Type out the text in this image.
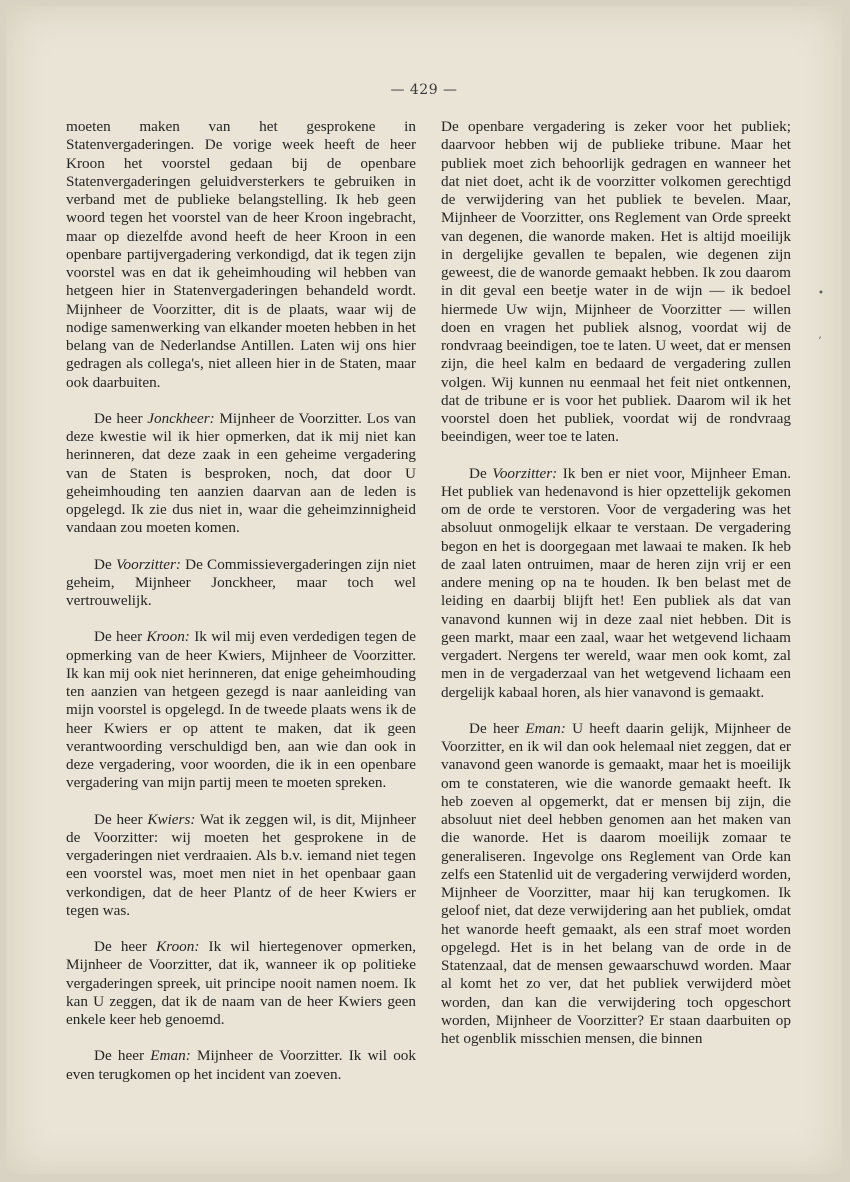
— 429 —

moeten maken van het gesprokene in Statenvergaderingen. De vorige week heeft de heer Kroon het voorstel gedaan bij de openbare Statenvergaderingen geluidversterkers te gebruiken in verband met de publieke belangstelling. Ik heb geen woord tegen het voorstel van de heer Kroon ingebracht, maar op diezelfde avond heeft de heer Kroon in een openbare partijvergadering verkondigd, dat ik tegen zijn voorstel was en dat ik geheimhouding wil hebben van hetgeen hier in Statenvergaderingen behandeld wordt. Mijnheer de Voorzitter, dit is de plaats, waar wij de nodige samenwerking van elkander moeten hebben in het belang van de Nederlandse Antillen. Laten wij ons hier gedragen als collega's, niet alleen hier in de Staten, maar ook daarbuiten.

De heer Jonckheer: Mijnheer de Voorzitter. Los van deze kwestie wil ik hier opmerken, dat ik mij niet kan herinneren, dat deze zaak in een geheime vergadering van de Staten is besproken, noch, dat door U geheimhouding ten aanzien daarvan aan de leden is opgelegd. Ik zie dus niet in, waar die geheimzinnigheid vandaan zou moeten komen.

De Voorzitter: De Commissievergaderingen zijn niet geheim, Mijnheer Jonckheer, maar toch wel vertrouwelijk.

De heer Kroon: Ik wil mij even verdedigen tegen de opmerking van de heer Kwiers, Mijnheer de Voorzitter. Ik kan mij ook niet herinneren, dat enige geheimhouding ten aanzien van hetgeen gezegd is naar aanleiding van mijn voorstel is opgelegd. In de tweede plaats wens ik de heer Kwiers er op attent te maken, dat ik geen verantwoording verschuldigd ben, aan wie dan ook in deze vergadering, voor woorden, die ik in een openbare vergadering van mijn partij meen te moeten spreken.

De heer Kwiers: Wat ik zeggen wil, is dit, Mijnheer de Voorzitter: wij moeten het gesprokene in de vergaderingen niet verdraaien. Als b.v. iemand niet tegen een voorstel was, moet men niet in het openbaar gaan verkondigen, dat de heer Plantz of de heer Kwiers er tegen was.

De heer Kroon: Ik wil hiertegenover opmerken, Mijnheer de Voorzitter, dat ik, wanneer ik op politieke vergaderingen spreek, uit principe nooit namen noem. Ik kan U zeggen, dat ik de naam van de heer Kwiers geen enkele keer heb genoemd.

De heer Eman: Mijnheer de Voorzitter. Ik wil ook even terugkomen op het incident van zoeven.

De openbare vergadering is zeker voor het publiek; daarvoor hebben wij de publieke tribune. Maar het publiek moet zich behoorlijk gedragen en wanneer het dat niet doet, acht ik de voorzitter volkomen gerechtigd de verwijdering van het publiek te bevelen. Maar, Mijnheer de Voorzitter, ons Reglement van Orde spreekt van degenen, die wanorde maken. Het is altijd moeilijk in dergelijke gevallen te bepalen, wie degenen zijn geweest, die de wanorde gemaakt hebben. Ik zou daarom in dit geval een beetje water in de wijn — ik bedoel hiermede Uw wijn, Mijnheer de Voorzitter — willen doen en vragen het publiek alsnog, voordat wij de rondvraag beeindigen, toe te laten. U weet, dat er mensen zijn, die heel kalm en bedaard de vergadering zullen volgen. Wij kunnen nu eenmaal het feit niet ontkennen, dat de tribune er is voor het publiek. Daarom wil ik het voorstel doen het publiek, voordat wij de rondvraag beeindigen, weer toe te laten.

De Voorzitter: Ik ben er niet voor, Mijnheer Eman. Het publiek van hedenavond is hier opzettelijk gekomen om de orde te verstoren. Voor de vergadering was het absoluut onmogelijk elkaar te verstaan. De vergadering begon en het is doorgegaan met lawaai te maken. Ik heb de zaal laten ontruimen, maar de heren zijn vrij er een andere mening op na te houden. Ik ben belast met de leiding en daarbij blijft het! Een publiek als dat van vanavond kunnen wij in deze zaal niet hebben. Dit is geen markt, maar een zaal, waar het wetgevend lichaam vergadert. Nergens ter wereld, waar men ook komt, zal men in de vergaderzaal van het wetgevend lichaam een dergelijk kabaal horen, als hier vanavond is gemaakt.

De heer Eman: U heeft daarin gelijk, Mijnheer de Voorzitter, en ik wil dan ook helemaal niet zeggen, dat er vanavond geen wanorde is gemaakt, maar het is moeilijk om te constateren, wie die wanorde gemaakt heeft. Ik heb zoeven al opgemerkt, dat er mensen bij zijn, die absoluut niet deel hebben genomen aan het maken van die wanorde. Het is daarom moeilijk zomaar te generaliseren. Ingevolge ons Reglement van Orde kan zelfs een Statenlid uit de vergadering verwijderd worden, Mijnheer de Voorzitter, maar hij kan terugkomen. Ik geloof niet, dat deze verwijdering aan het publiek, omdat het wanorde heeft gemaakt, als een straf moet worden opgelegd. Het is in het belang van de orde in de Statenzaal, dat de mensen gewaarschuwd worden. Maar al komt het zo ver, dat het publiek verwijderd mòet worden, dan kan die verwijdering toch opgeschort worden, Mijnheer de Voorzitter? Er staan daarbuiten op het ogenblik misschien mensen, die binnen

•
ʼ
